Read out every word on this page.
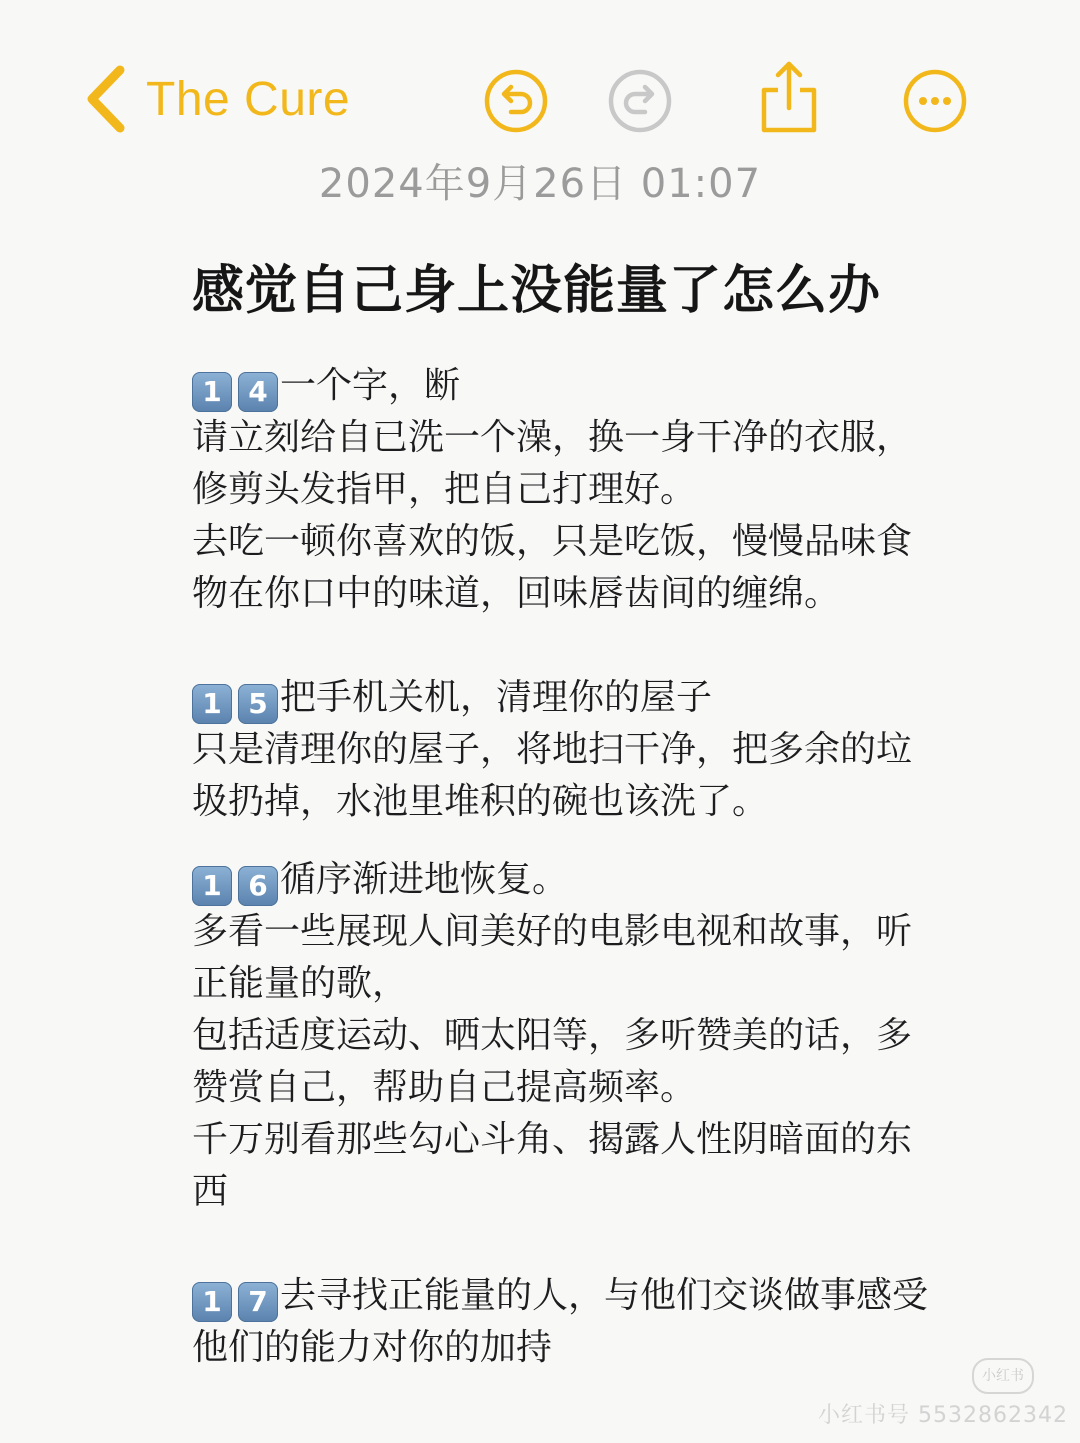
The Cure
2024年9月26日 01:07
感觉自己身上没能量了怎么办
1 4 一个字，断
请立刻给自已洗一个澡，换一身干净的衣服，
修剪头发指甲，把自己打理好。
去吃一顿你喜欢的饭，只是吃饭，慢慢品味食
物在你口中的味道，回味唇齿间的缠绵。
1 5 把手机关机，清理你的屋子
只是清理你的屋子，将地扫干净，把多余的垃
圾扔掉，水池里堆积的碗也该洗了。
1 6 循序渐进地恢复。
多看一些展现人间美好的电影电视和故事，听
正能量的歌，
包括适度运动、晒太阳等，多听赞美的话，多
赞赏自己，帮助自己提高频率。
千万别看那些勾心斗角、揭露人性阴暗面的东
西
1 7 去寻找正能量的人，与他们交谈做事感受
他们的能力对你的加持
小红书
小红书号 5532862342
